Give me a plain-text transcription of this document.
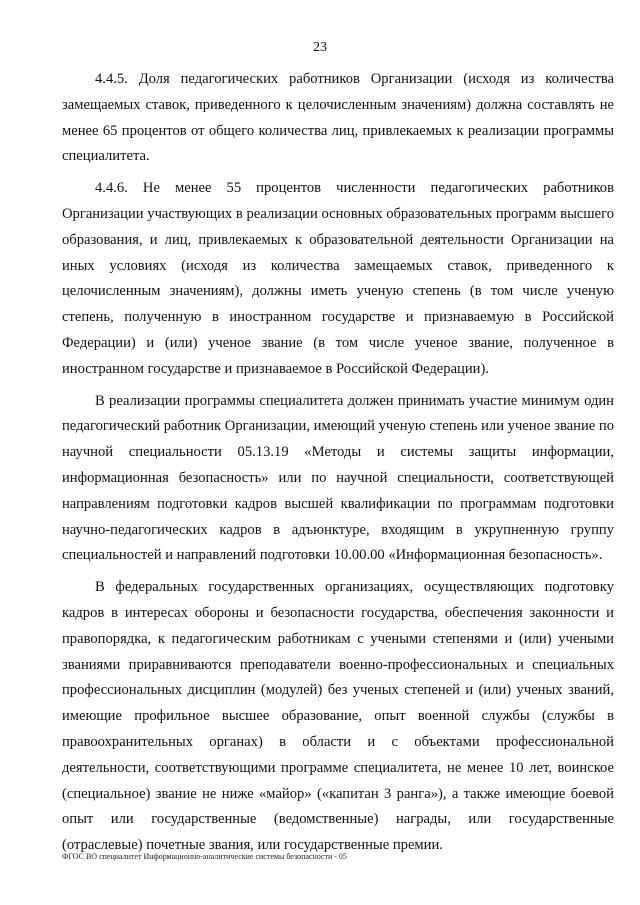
23

4.4.5. Доля педагогических работников Организации (исходя из количества замещаемых ставок, приведенного к целочисленным значениям) должна составлять не менее 65 процентов от общего количества лиц, привлекаемых к реализации программы специалитета.

4.4.6. Не менее 55 процентов численности педагогических работников Организации участвующих в реализации основных образовательных программ высшего образования, и лиц, привлекаемых к образовательной деятельности Организации на иных условиях (исходя из количества замещаемых ставок, приведенного к целочисленным значениям), должны иметь ученую степень (в том числе ученую степень, полученную в иностранном государстве и признаваемую в Российской Федерации) и (или) ученое звание (в том числе ученое звание, полученное в иностранном государстве и признаваемое в Российской Федерации).

В реализации программы специалитета должен принимать участие минимум один педагогический работник Организации, имеющий ученую степень или ученое звание по научной специальности 05.13.19 «Методы и системы защиты информации, информационная безопасность» или по научной специальности, соответствующей направлениям подготовки кадров высшей квалификации по программам подготовки научно-педагогических кадров в адъюнктуре, входящим в укрупненную группу специальностей и направлений подготовки 10.00.00 «Информационная безопасность».

В федеральных государственных организациях, осуществляющих подготовку кадров в интересах обороны и безопасности государства, обеспечения законности и правопорядка, к педагогическим работникам с учеными степенями и (или) учеными званиями приравниваются преподаватели военно-профессиональных и специальных профессиональных дисциплин (модулей) без ученых степеней и (или) ученых званий, имеющие профильное высшее образование, опыт военной службы (службы в правоохранительных органах) в области и с объектами профессиональной деятельности, соответствующими программе специалитета, не менее 10 лет, воинское (специальное) звание не ниже «майор» («капитан 3 ранга»), а также имеющие боевой опыт или государственные (ведомственные) награды, или государственные (отраслевые) почетные звания, или государственные премии.

ФГОС ВО специалитет Информационно-аналитические системы безопасности - 05
